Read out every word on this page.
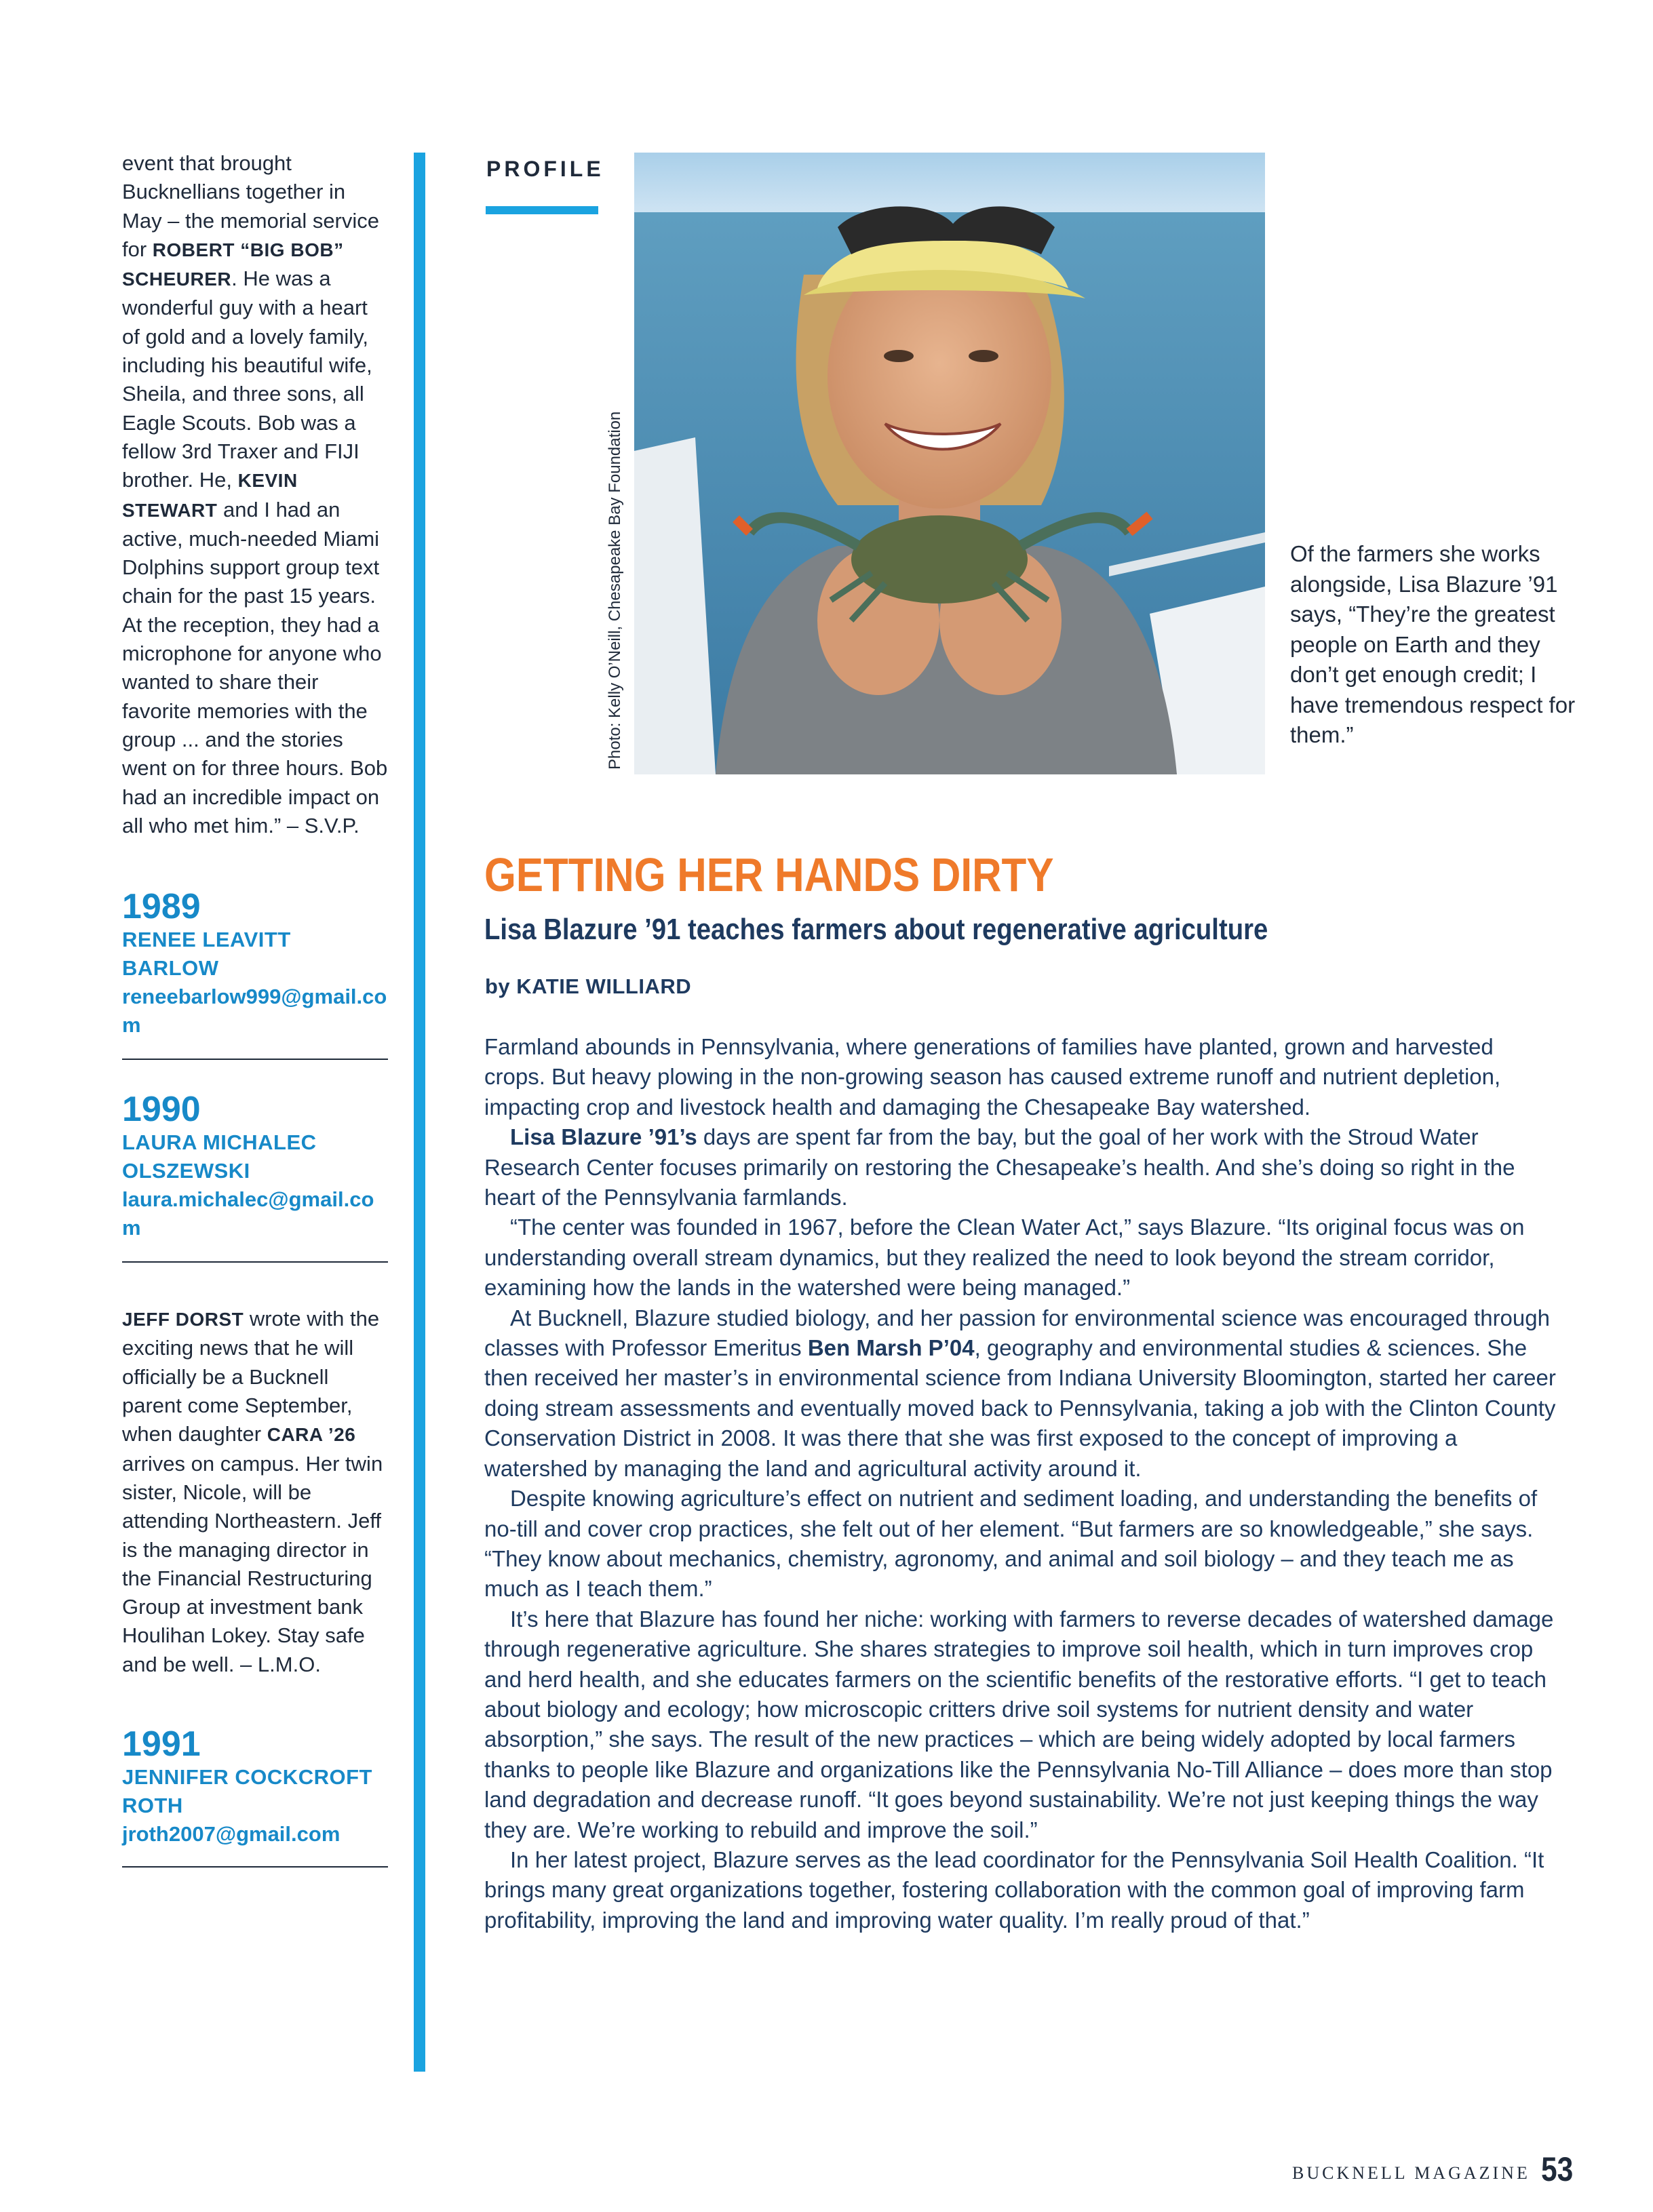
event that brought Bucknellians together in May – the memorial service for ROBERT “BIG BOB” SCHEURER. He was a wonderful guy with a heart of gold and a lovely family, including his beautiful wife, Sheila, and three sons, all Eagle Scouts. Bob was a fellow 3rd Traxer and FIJI brother. He, KEVIN STEWART and I had an active, much-needed Miami Dolphins support group text chain for the past 15 years. At the reception, they had a microphone for anyone who wanted to share their favorite memories with the group ... and the stories went on for three hours. Bob had an incredible impact on all who met him.” – S.V.P.

1989

RENEE LEAVITT BARLOW

reneebarlow999@gmail.com

1990

LAURA MICHALEC OLSZEWSKI

laura.michalec@gmail.com

JEFF DORST wrote with the exciting news that he will officially be a Bucknell parent come September, when daughter CARA ’26 arrives on campus. Her twin sister, Nicole, will be attending Northeastern. Jeff is the managing director in the Financial Restructuring Group at investment bank Houlihan Lokey. Stay safe and be well. – L.M.O.

1991

JENNIFER COCKCROFT ROTH

jroth2007@gmail.com

PROFILE
Photo: Kelly O’Neill, Chesapeake Bay Foundation	Of the farmers she works alongside, Lisa Blazure ’91 says, “They’re the greatest people on Earth and they don’t get enough credit; I have tremendous respect for them.”

GETTING HER HANDS DIRTY
Lisa Blazure ’91 teaches farmers about regenerative agriculture

by KATIE WILLIARD

Farmland abounds in Pennsylvania, where generations of families have planted, grown and harvested crops. But heavy plowing in the non-growing season has caused extreme runoff and nutrient depletion, impacting crop and livestock health and damaging the Chesapeake Bay watershed.

Lisa Blazure ’91’s days are spent far from the bay, but the goal of her work with the Stroud Water Research Center focuses primarily on restoring the Chesapeake’s health. And she’s doing so right in the heart of the Pennsylvania farmlands.

“The center was founded in 1967, before the Clean Water Act,” says Blazure. “Its original focus was on understanding overall stream dynamics, but they realized the need to look beyond the stream corridor, examining how the lands in the watershed were being managed.”

At Bucknell, Blazure studied biology, and her passion for environmental science was encouraged through classes with Professor Emeritus Ben Marsh P’04, geography and environmental studies & sciences. She then received her master’s in environmental science from Indiana University Bloomington, started her career doing stream assessments and eventually moved back to Pennsylvania, taking a job with the Clinton County Conservation District in 2008. It was there that she was first exposed to the concept of improving a watershed by managing the land and agricultural activity around it.

Despite knowing agriculture’s effect on nutrient and sediment loading, and understanding the benefits of no-till and cover crop practices, she felt out of her element. “But farmers are so knowledgeable,” she says. “They know about mechanics, chemistry, agronomy, and animal and soil biology – and they teach me as much as I teach them.”

It’s here that Blazure has found her niche: working with farmers to reverse decades of watershed damage through regenerative agriculture. She shares strategies to improve soil health, which in turn improves crop and herd health, and she educates farmers on the scientific benefits of the restorative efforts. “I get to teach about biology and ecology; how microscopic critters drive soil systems for nutrient density and water absorption,” she says. The result of the new practices – which are being widely adopted by local farmers thanks to people like Blazure and organizations like the Pennsylvania No-Till Alliance – does more than stop land degradation and decrease runoff. “It goes beyond sustainability. We’re not just keeping things the way they are. We’re working to rebuild and improve the soil.”

In her latest project, Blazure serves as the lead coordinator for the Pennsylvania Soil Health Coalition. “It brings many great organizations together, fostering collaboration with the common goal of improving farm profitability, improving the land and improving water quality. I’m really proud of that.”

BUCKNELL MAGAZINE 53
